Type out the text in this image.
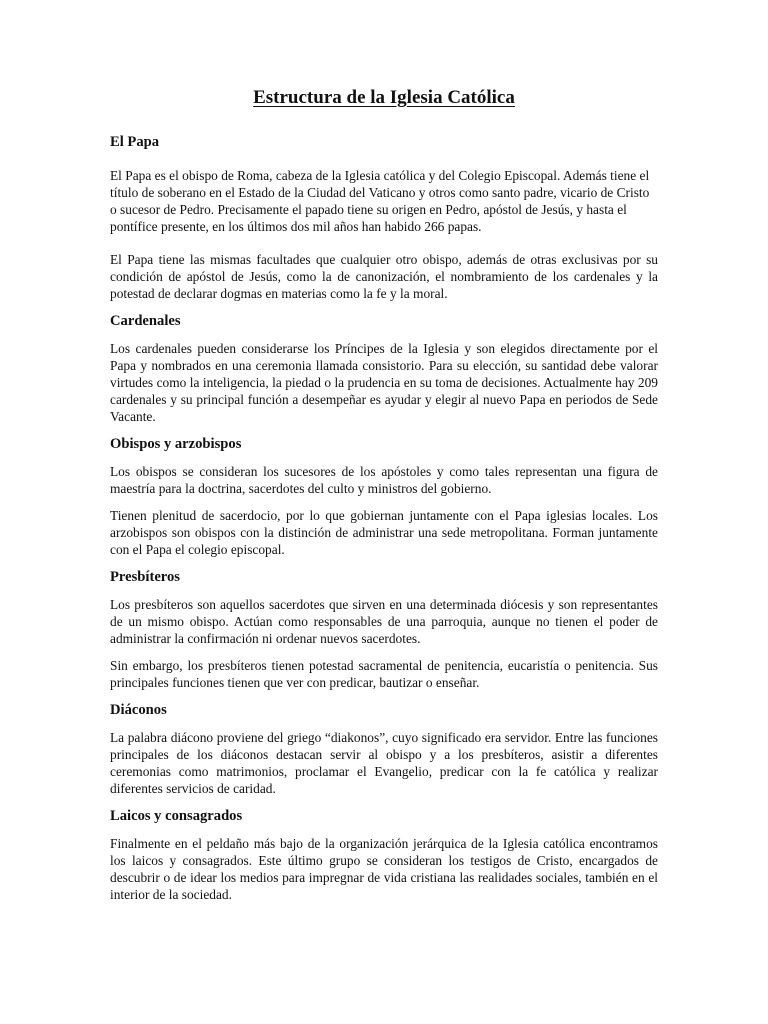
Estructura de la Iglesia Católica
El Papa

El Papa es el obispo de Roma, cabeza de la Iglesia católica y del Colegio Episcopal. Además tiene el título de soberano en el Estado de la Ciudad del Vaticano y otros como santo padre, vicario de Cristo o sucesor de Pedro. Precisamente el papado tiene su origen en Pedro, apóstol de Jesús, y hasta el pontífice presente, en los últimos dos mil años han habido 266 papas.

El Papa tiene las mismas facultades que cualquier otro obispo, además de otras exclusivas por su condición de apóstol de Jesús, como la de canonización, el nombramiento de los cardenales y la potestad de declarar dogmas en materias como la fe y la moral.

Cardenales

Los cardenales pueden considerarse los Príncipes de la Iglesia y son elegidos directamente por el Papa y nombrados en una ceremonia llamada consistorio. Para su elección, su santidad debe valorar virtudes como la inteligencia, la piedad o la prudencia en su toma de decisiones. Actualmente hay 209 cardenales y su principal función a desempeñar es ayudar y elegir al nuevo Papa en periodos de Sede Vacante.

Obispos y arzobispos

Los obispos se consideran los sucesores de los apóstoles y como tales representan una figura de maestría para la doctrina, sacerdotes del culto y ministros del gobierno.

Tienen plenitud de sacerdocio, por lo que gobiernan juntamente con el Papa iglesias locales. Los arzobispos son obispos con la distinción de administrar una sede metropolitana. Forman juntamente con el Papa el colegio episcopal.

Presbíteros

Los presbíteros son aquellos sacerdotes que sirven en una determinada diócesis y son representantes de un mismo obispo. Actúan como responsables de una parroquia, aunque no tienen el poder de administrar la confirmación ni ordenar nuevos sacerdotes.

Sin embargo, los presbíteros tienen potestad sacramental de penitencia, eucaristía o penitencia. Sus principales funciones tienen que ver con predicar, bautizar o enseñar.

Diáconos

La palabra diácono proviene del griego “diakonos”, cuyo significado era servidor. Entre las funciones principales de los diáconos destacan servir al obispo y a los presbíteros, asistir a diferentes ceremonias como matrimonios, proclamar el Evangelio, predicar con la fe católica y realizar diferentes servicios de caridad.

Laicos y consagrados

Finalmente en el peldaño más bajo de la organización jerárquica de la Iglesia católica encontramos los laicos y consagrados. Este último grupo se consideran los testigos de Cristo, encargados de descubrir o de idear los medios para impregnar de vida cristiana las realidades sociales, también en el interior de la sociedad.
